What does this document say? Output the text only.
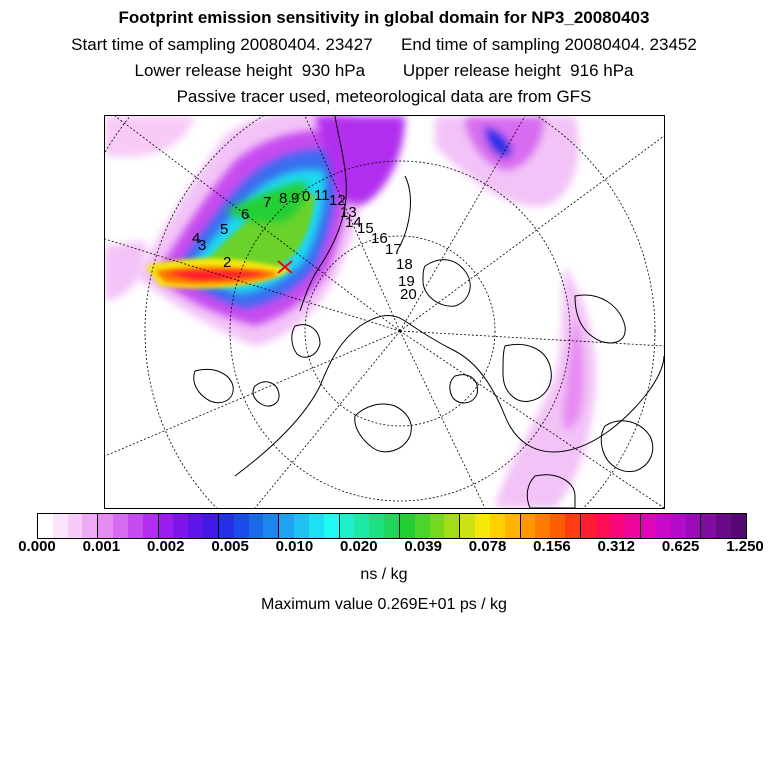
Footprint emission sensitivity in global domain for NP3_20080403
Start time of sampling 20080404. 23427      End time of sampling 20080404. 23452
Lower release height  930 hPa        Upper release height  916 hPa
Passive tracer used, meteorological data are from GFS
2
3
4
5
6
7 8 9 0 11 12
13
14
15
16
17
18
19
20
0.000 0.001 0.002 0.005 0.010 0.020 0.039 0.078 0.156 0.312 0.625 1.250
ns / kg
Maximum value 0.269E+01 ps / kg
